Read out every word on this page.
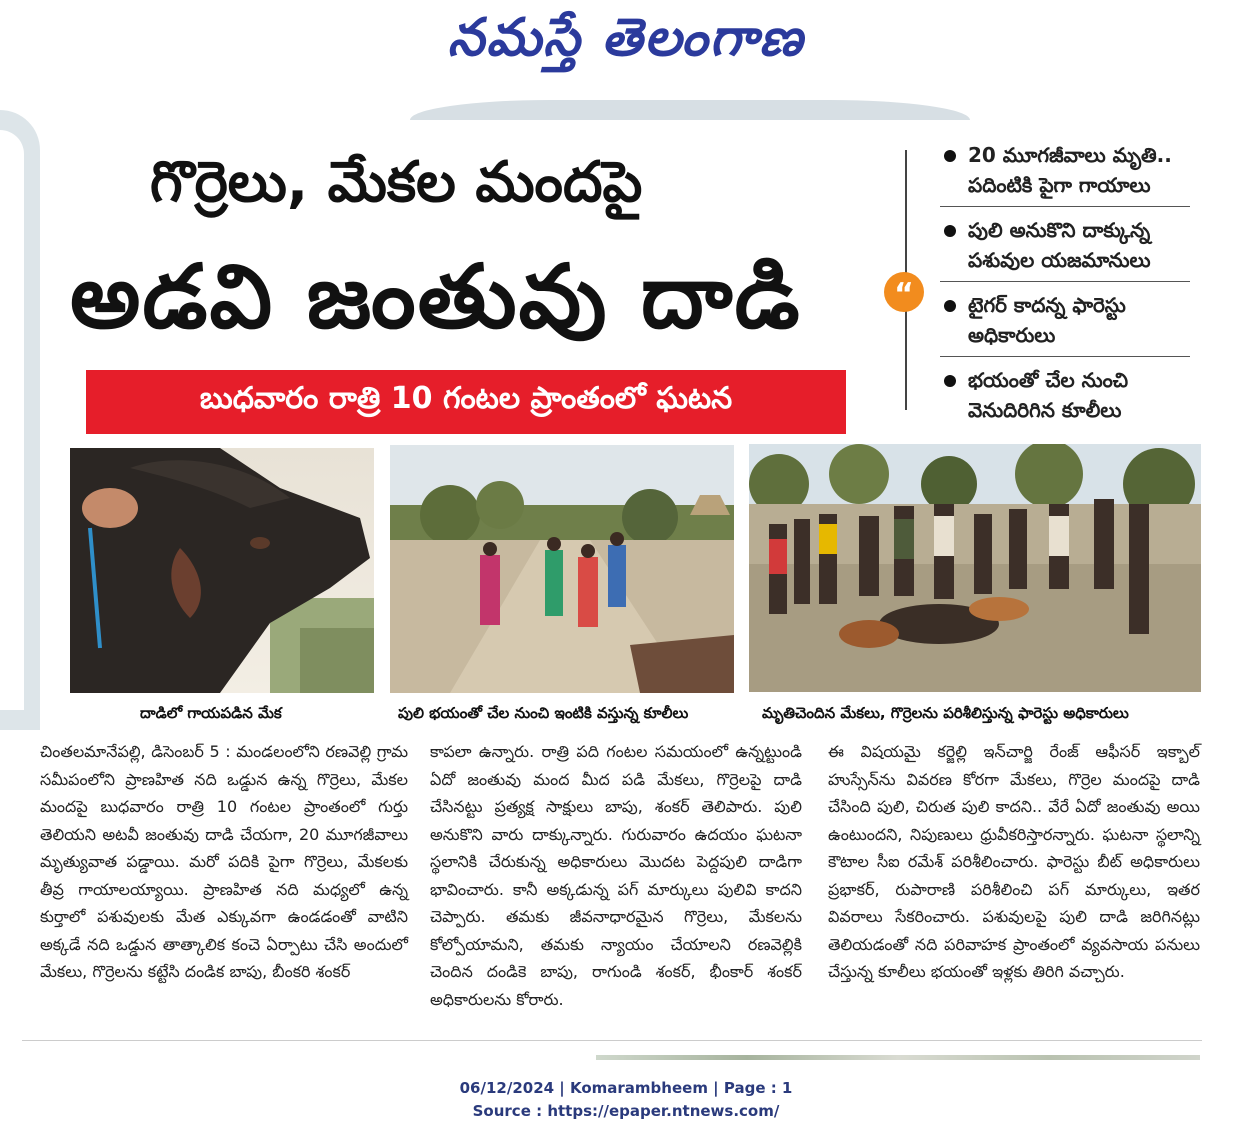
నమస్తే తెలంగాణ
గొర్రెలు, మేకల మందపై
అడవి జంతువు దాడి
బుధవారం రాత్రి 10 గంటల ప్రాంతంలో ఘటన
“
20 మూగజీవాలు మృతి.. పదింటికి పైగా గాయాలు
పులి అనుకొని దాక్కున్న పశువుల యజమానులు
టైగర్ కాదన్న ఫారెస్టు అధికారులు
భయంతో చేల నుంచి వెనుదిరిగిన కూలీలు
దాడిలో గాయపడిన మేక	పులి భయంతో చేల నుంచి ఇంటికి వస్తున్న కూలీలు	మృతిచెందిన మేకలు, గొర్రెలను పరిశీలిస్తున్న ఫారెస్టు అధికారులు
చింతలమానేపల్లి, డిసెంబర్ 5 : మండలంలోని రణవెల్లి గ్రామ సమీపంలోని ప్రాణహిత నది ఒడ్డున ఉన్న గొర్రెలు, మేకల మందపై బుధవారం రాత్రి 10 గంటల ప్రాంతంలో గుర్తు తెలియని అటవీ జంతువు దాడి చేయగా, 20 మూగజీవాలు మృత్యువాత పడ్డాయి. మరో పదికి పైగా గొర్రెలు, మేకలకు తీవ్ర గాయాలయ్యాయి. ప్రాణహిత నది మధ్యలో ఉన్న కుర్తాలో పశువులకు మేత ఎక్కువగా ఉండడంతో వాటిని అక్కడే నది ఒడ్డున తాత్కాలిక కంచె ఏర్పాటు చేసి అందులో మేకలు, గొర్రెలను కట్టేసి దండిక బాపు, బీంకరి శంకర్
కాపలా ఉన్నారు. రాత్రి పది గంటల సమయంలో ఉన్నట్టుండి ఏదో జంతువు మంద మీద పడి మేకలు, గొర్రెలపై దాడి చేసినట్టు ప్రత్యక్ష సాక్షులు బాపు, శంకర్ తెలిపారు. పులి అనుకొని వారు దాక్కున్నారు. గురువారం ఉదయం ఘటనా స్థలానికి చేరుకున్న అధికారులు మొదట పెద్దపులి దాడిగా భావించారు. కానీ అక్కడున్న పగ్ మార్కులు పులివి కాదని చెప్పారు. తమకు జీవనాధారమైన గొర్రెలు, మేకలను కోల్పోయామని, తమకు న్యాయం చేయాలని రణవెల్లికి చెందిన దండికె బాపు, రాగుండి శంకర్, భీంకార్ శంకర్ అధికారులను కోరారు.
ఈ విషయమై కర్జెల్లి ఇన్‌చార్జి రేంజ్ ఆఫీసర్ ఇక్బాల్ హుస్సేన్‌ను వివరణ కోరగా మేకలు, గొర్రెల మందపై దాడి చేసింది పులి, చిరుత పులి కాదని.. వేరే ఏదో జంతువు అయి ఉంటుందని, నిపుణులు ధ్రువీకరిస్తారన్నారు. ఘటనా స్థలాన్ని కౌటాల సీఐ రమేశ్ పరిశీలించారు. ఫారెస్టు బీట్ అధికారులు ప్రభాకర్, రుపారాణి పరిశీలించి పగ్ మార్కులు, ఇతర వివరాలు సేకరించారు. పశువులపై పులి దాడి జరిగినట్లు తెలియడంతో నది పరివాహక ప్రాంతంలో వ్యవసాయ పనులు చేస్తున్న కూలీలు భయంతో ఇళ్లకు తిరిగి వచ్చారు.
06/12/2024 | Komarambheem | Page : 1
Source : https://epaper.ntnews.com/
